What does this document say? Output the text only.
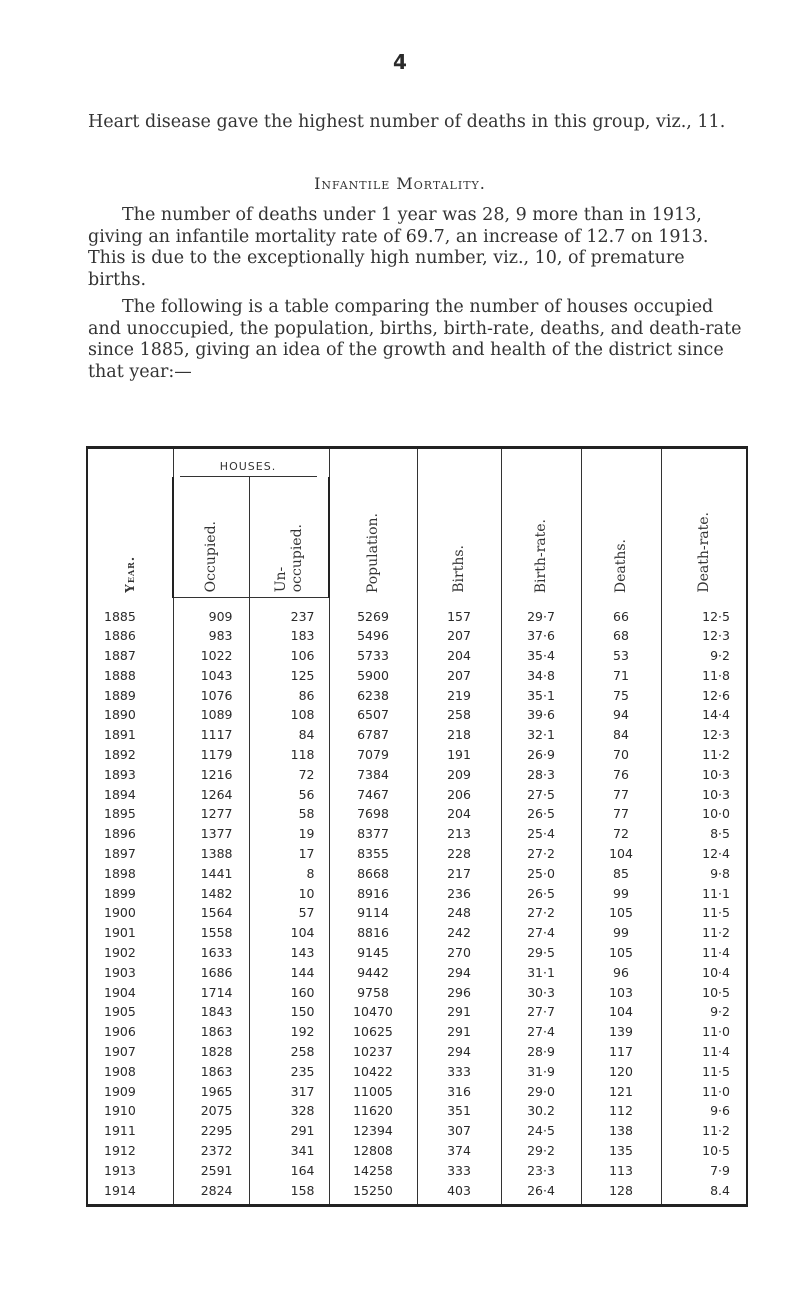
4

Heart disease gave the highest number of deaths in this group, viz., 11.

Infantile Mortality.

The number of deaths under 1 year was 28, 9 more than in 1913, giving an infantile mortality rate of 69.7, an increase of 12.7 on 1913. This is due to the exceptionally high number, viz., 10, of premature births.

The following is a table comparing the number of houses occupied and unoccupied, the population, births, birth-rate, deaths, and death-rate since 1885, giving an idea of the growth and health of the district since that year:—

Year.	HOUSES.		Population.	Births.	Birth-rate.	Deaths.	Death-rate.

	Occupied.	Un-
occupied.					

1885	909	237	5269	157	29·7	66	12·5
1886	983	183	5496	207	37·6	68	12·3
1887	1022	106	5733	204	35·4	53	9·2
1888	1043	125	5900	207	34·8	71	11·8
1889	1076	86	6238	219	35·1	75	12·6
1890	1089	108	6507	258	39·6	94	14·4
1891	1117	84	6787	218	32·1	84	12·3
1892	1179	118	7079	191	26·9	70	11·2
1893	1216	72	7384	209	28·3	76	10·3
1894	1264	56	7467	206	27·5	77	10·3
1895	1277	58	7698	204	26·5	77	10·0
1896	1377	19	8377	213	25·4	72	8·5
1897	1388	17	8355	228	27·2	104	12·4
1898	1441	8	8668	217	25·0	85	9·8
1899	1482	10	8916	236	26·5	99	11·1
1900	1564	57	9114	248	27·2	105	11·5
1901	1558	104	8816	242	27·4	99	11·2
1902	1633	143	9145	270	29·5	105	11·4
1903	1686	144	9442	294	31·1	96	10·4
1904	1714	160	9758	296	30·3	103	10·5
1905	1843	150	10470	291	27·7	104	9·2
1906	1863	192	10625	291	27·4	139	11·0
1907	1828	258	10237	294	28·9	117	11·4
1908	1863	235	10422	333	31·9	120	11·5
1909	1965	317	11005	316	29·0	121	11·0
1910	2075	328	11620	351	30.2	112	9·6
1911	2295	291	12394	307	24·5	138	11·2
1912	2372	341	12808	374	29·2	135	10·5
1913	2591	164	14258	333	23·3	113	7·9
1914	2824	158	15250	403	26·4	128	8.4
